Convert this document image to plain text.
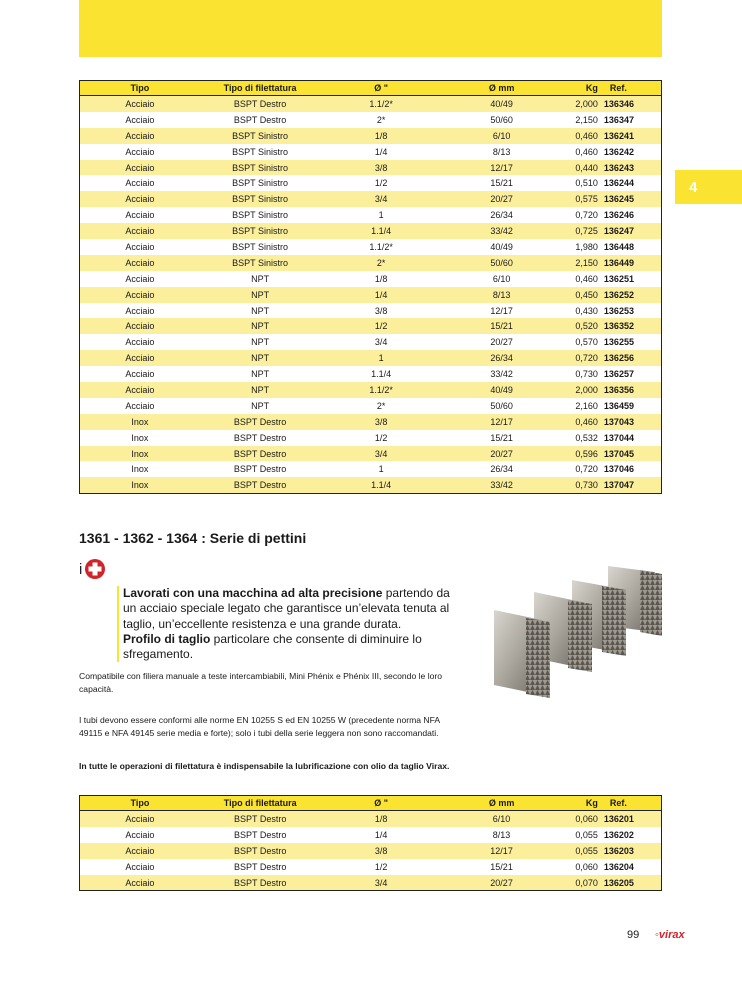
4
Tipo	Tipo di filettatura	Ø "	Ø mm	Kg	Ref.
Acciaio	BSPT Destro	1.1/2*	40/49	2,000	136346
Acciaio	BSPT Destro	2*	50/60	2,150	136347
Acciaio	BSPT Sinistro	1/8	6/10	0,460	136241
Acciaio	BSPT Sinistro	1/4	8/13	0,460	136242
Acciaio	BSPT Sinistro	3/8	12/17	0,440	136243
Acciaio	BSPT Sinistro	1/2	15/21	0,510	136244
Acciaio	BSPT Sinistro	3/4	20/27	0,575	136245
Acciaio	BSPT Sinistro	1	26/34	0,720	136246
Acciaio	BSPT Sinistro	1.1/4	33/42	0,725	136247
Acciaio	BSPT Sinistro	1.1/2*	40/49	1,980	136448
Acciaio	BSPT Sinistro	2*	50/60	2,150	136449
Acciaio	NPT	1/8	6/10	0,460	136251
Acciaio	NPT	1/4	8/13	0,450	136252
Acciaio	NPT	3/8	12/17	0,430	136253
Acciaio	NPT	1/2	15/21	0,520	136352
Acciaio	NPT	3/4	20/27	0,570	136255
Acciaio	NPT	1	26/34	0,720	136256
Acciaio	NPT	1.1/4	33/42	0,730	136257
Acciaio	NPT	1.1/2*	40/49	2,000	136356
Acciaio	NPT	2*	50/60	2,160	136459
Inox	BSPT Destro	3/8	12/17	0,460	137043
Inox	BSPT Destro	1/2	15/21	0,532	137044
Inox	BSPT Destro	3/4	20/27	0,596	137045
Inox	BSPT Destro	1	26/34	0,720	137046
Inox	BSPT Destro	1.1/4	33/42	0,730	137047
1361 - 1362 - 1364 : Serie di pettini
i
Lavorati con una macchina ad alta precisione partendo da un acciaio speciale legato che garantisce un’elevata tenuta al taglio, un’eccellente resistenza e una grande durata.
Profilo di taglio particolare che consente di diminuire lo sfregamento.
Compatibile con filiera manuale a teste intercambiabili, Mini Phénix e Phénix III, secondo le loro capacità.
I tubi devono essere conformi alle norme EN 10255 S ed EN 10255 W (precedente norma NFA 49115 e NFA 49145 serie media e forte); solo i tubi della serie leggera non sono raccomandati.
In tutte le operazioni di filettatura è indispensabile la lubrificazione con olio da taglio Virax.
Tipo	Tipo di filettatura	Ø "	Ø mm	Kg	Ref.
Acciaio	BSPT Destro	1/8	6/10	0,060	136201
Acciaio	BSPT Destro	1/4	8/13	0,055	136202
Acciaio	BSPT Destro	3/8	12/17	0,055	136203
Acciaio	BSPT Destro	1/2	15/21	0,060	136204
Acciaio	BSPT Destro	3/4	20/27	0,070	136205
99 ◦virax
